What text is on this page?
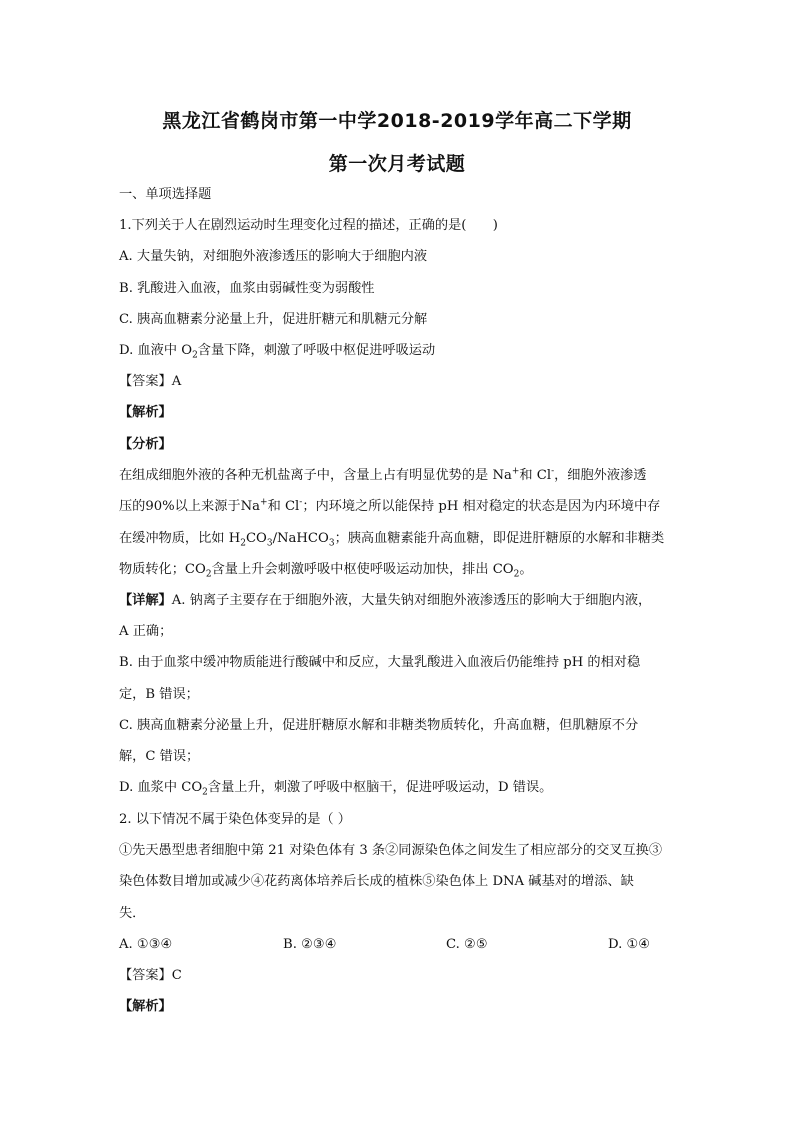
黑龙江省鹤岗市第一中学2018-2019学年高二下学期
第一次月考试题
一、单项选择题
1.下列关于人在剧烈运动时生理变化过程的描述，正确的是(　　)
A. 大量失钠，对细胞外液渗透压的影响大于细胞内液
B. 乳酸进入血液，血浆由弱碱性变为弱酸性
C. 胰高血糖素分泌量上升，促进肝糖元和肌糖元分解
D. 血液中 $O_2$含量下降，刺激了呼吸中枢促进呼吸运动
【答案】A
【解析】
【分析】
在组成细胞外液的各种无机盐离子中，含量上占有明显优势的是 Na+和 Cl-，细胞外液渗透
压的90%以上来源于Na+和 Cl-；内环境之所以能保持 pH 相对稳定的状态是因为内环境中存
在缓冲物质，比如 $H_2CO_3/NaHCO_3$；胰高血糖素能升高血糖，即促进肝糖原的水解和非糖类
物质转化；$CO_2$含量上升会刺激呼吸中枢使呼吸运动加快，排出 $CO_2$。
【详解】A. 钠离子主要存在于细胞外液，大量失钠对细胞外液渗透压的影响大于细胞内液，
A 正确；
B. 由于血浆中缓冲物质能进行酸碱中和反应，大量乳酸进入血液后仍能维持 pH 的相对稳
定，B 错误；
C. 胰高血糖素分泌量上升，促进肝糖原水解和非糖类物质转化，升高血糖，但肌糖原不分
解，C 错误；
D. 血浆中 $CO_2$含量上升，刺激了呼吸中枢脑干，促进呼吸运动，D 错误。
2. 以下情况不属于染色体变异的是（ ）
①先天愚型患者细胞中第 21 对染色体有 3 条②同源染色体之间发生了相应部分的交叉互换③
染色体数目增加或减少④花药离体培养后长成的植株⑤染色体上 DNA 碱基对的增添、缺
失．
A. ①③④	B. ②③④	C. ②⑤	D. ①④
【答案】C
【解析】
